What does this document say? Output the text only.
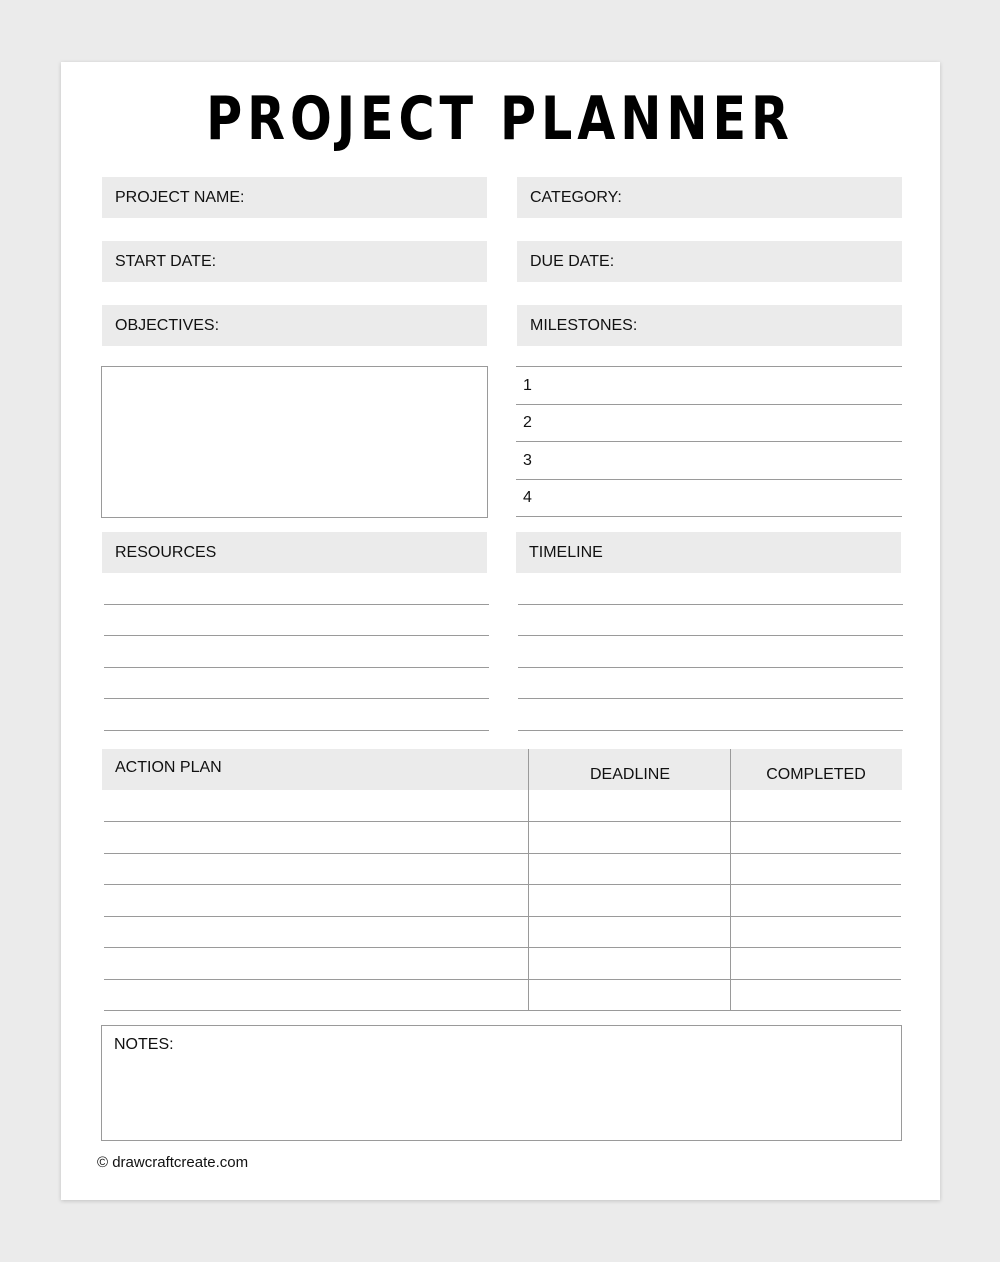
PROJECT PLANNER
PROJECT NAME:	CATEGORY:
START DATE:	DUE DATE:
OBJECTIVES:	MILESTONES:
1
2
3
4
RESOURCES	TIMELINE
ACTION PLAN	DEADLINE	COMPLETED
NOTES:
© drawcraftcreate.com
